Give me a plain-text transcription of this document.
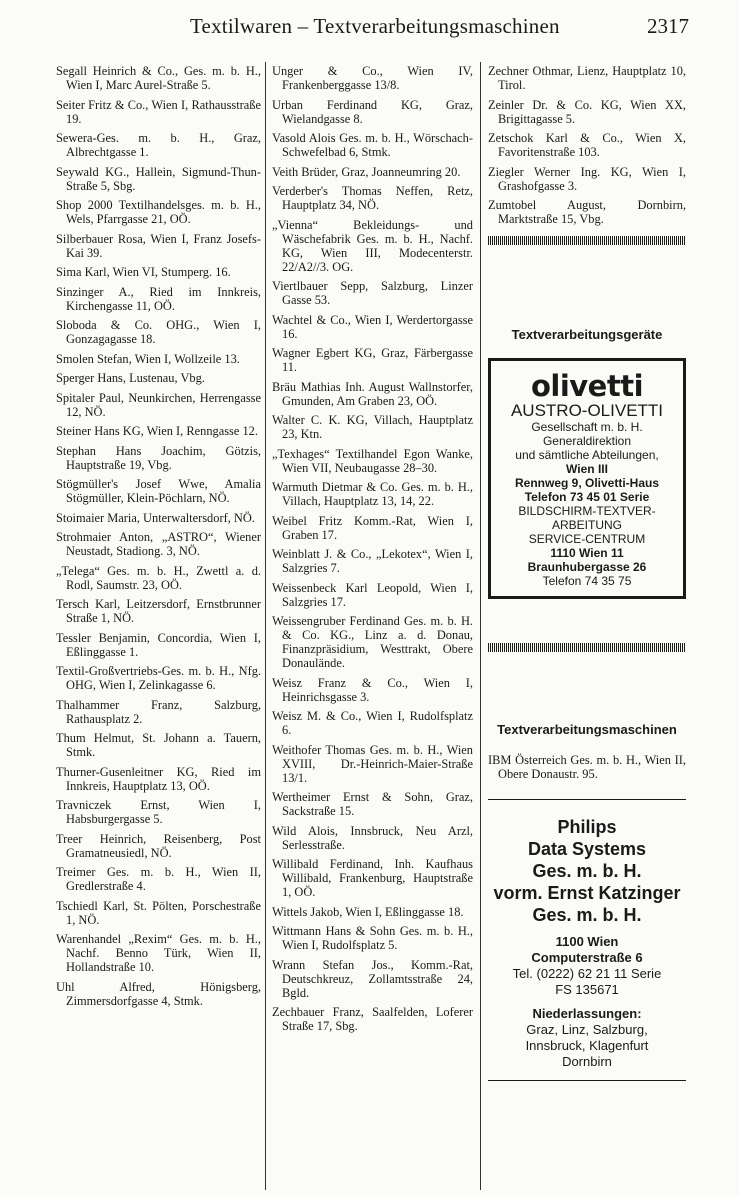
Textilwaren – Textverarbeitungsmaschinen	2317
Segall Heinrich & Co., Ges. m. b. H., Wien I, Marc Aurel-Straße 5.
Seiter Fritz & Co., Wien I, Rathausstraße 19.
Sewera-Ges. m. b. H., Graz, Albrechtgasse 1.
Seywald KG., Hallein, Sigmund-Thun-Straße 5, Sbg.
Shop 2000 Textilhandelsges. m. b. H., Wels, Pfarrgasse 21, OÖ.
Silberbauer Rosa, Wien I, Franz Josefs-Kai 39.
Sima Karl, Wien VI, Stumperg. 16.
Sinzinger A., Ried im Innkreis, Kirchengasse 11, OÖ.
Sloboda & Co. OHG., Wien I, Gonzagagasse 18.
Smolen Stefan, Wien I, Wollzeile 13.
Sperger Hans, Lustenau, Vbg.
Spitaler Paul, Neunkirchen, Herrengasse 12, NÖ.
Steiner Hans KG, Wien I, Renngasse 12.
Stephan Hans Joachim, Götzis, Hauptstraße 19, Vbg.
Stögmüller's Josef Wwe, Amalia Stögmüller, Klein-Pöchlarn, NÖ.
Stoimaier Maria, Unterwaltersdorf, NÖ.
Strohmaier Anton, „ASTRO“, Wiener Neustadt, Stadiong. 3, NÖ.
„Telega“ Ges. m. b. H., Zwettl a. d. Rodl, Saumstr. 23, OÖ.
Tersch Karl, Leitzersdorf, Ernstbrunner Straße 1, NÖ.
Tessler Benjamin, Concordia, Wien I, Eßlinggasse 1.
Textil-Großvertriebs-Ges. m. b. H., Nfg. OHG, Wien I, Zelinkagasse 6.
Thalhammer Franz, Salzburg, Rathausplatz 2.
Thum Helmut, St. Johann a. Tauern, Stmk.
Thurner-Gusenleitner KG, Ried im Innkreis, Hauptplatz 13, OÖ.
Travniczek Ernst, Wien I, Habsburgergasse 5.
Treer Heinrich, Reisenberg, Post Gramatneusiedl, NÖ.
Treimer Ges. m. b. H., Wien II, Gredlerstraße 4.
Tschiedl Karl, St. Pölten, Porschestraße 1, NÖ.
Warenhandel „Rexim“ Ges. m. b. H., Nachf. Benno Türk, Wien II, Hollandstraße 10.
Uhl Alfred, Hönigsberg, Zimmersdorfgasse 4, Stmk.
Unger & Co., Wien IV, Frankenberggasse 13/8.
Urban Ferdinand KG, Graz, Wielandgasse 8.
Vasold Alois Ges. m. b. H., Wörschach-Schwefelbad 6, Stmk.
Veith Brüder, Graz, Joanneumring 20.
Verderber's Thomas Neffen, Retz, Hauptplatz 34, NÖ.
„Vienna“ Bekleidungs- und Wäschefabrik Ges. m. b. H., Nachf. KG, Wien III, Modecenterstr. 22/A2//3. OG.
Viertlbauer Sepp, Salzburg, Linzer Gasse 53.
Wachtel & Co., Wien I, Werdertorgasse 16.
Wagner Egbert KG, Graz, Färbergasse 11.
Bräu Mathias Inh. August Wallnstorfer, Gmunden, Am Graben 23, OÖ.
Walter C. K. KG, Villach, Hauptplatz 23, Ktn.
„Texhages“ Textilhandel Egon Wanke, Wien VII, Neubaugasse 28–30.
Warmuth Dietmar & Co. Ges. m. b. H., Villach, Hauptplatz 13, 14, 22.
Weibel Fritz Komm.-Rat, Wien I, Graben 17.
Weinblatt J. & Co., „Lekotex“, Wien I, Salzgries 7.
Weissenbeck Karl Leopold, Wien I, Salzgries 17.
Weissengruber Ferdinand Ges. m. b. H. & Co. KG., Linz a. d. Donau, Finanzpräsidium, Westtrakt, Obere Donaulände.
Weisz Franz & Co., Wien I, Heinrichsgasse 3.
Weisz M. & Co., Wien I, Rudolfsplatz 6.
Weithofer Thomas Ges. m. b. H., Wien XVIII, Dr.-Heinrich-Maier-Straße 13/1.
Wertheimer Ernst & Sohn, Graz, Sackstraße 15.
Wild Alois, Innsbruck, Neu Arzl, Serlesstraße.
Willibald Ferdinand, Inh. Kaufhaus Willibald, Frankenburg, Hauptstraße 1, OÖ.
Wittels Jakob, Wien I, Eßlinggasse 18.
Wittmann Hans & Sohn Ges. m. b. H., Wien I, Rudolfsplatz 5.
Wrann Stefan Jos., Komm.-Rat, Deutschkreuz, Zollamtsstraße 24, Bgld.
Zechbauer Franz, Saalfelden, Loferer Straße 17, Sbg.
Zechner Othmar, Lienz, Hauptplatz 10, Tirol.
Zeinler Dr. & Co. KG, Wien XX, Brigittagasse 5.
Zetschok Karl & Co., Wien X, Favoritenstraße 103.
Ziegler Werner Ing. KG, Wien I, Grashofgasse 3.
Zumtobel August, Dornbirn, Marktstraße 15, Vbg.
Textverarbeitungsgeräte
olivetti
AUSTRO-OLIVETTI
Gesellschaft m. b. H.
Generaldirektion
und sämtliche Abteilungen,
Wien III
Rennweg 9, Olivetti-Haus
Telefon 73 45 01 Serie
BILDSCHIRM-TEXTVER-
ARBEITUNG
SERVICE-CENTRUM
1110 Wien 11
Braunhubergasse 26
Telefon 74 35 75
Textverarbeitungsmaschinen
IBM Österreich Ges. m. b. H., Wien II, Obere Donaustr. 95.
Philips
Data Systems
Ges. m. b. H.
vorm. Ernst Katzinger
Ges. m. b. H.
1100 Wien
Computerstraße 6
Tel. (0222) 62 21 11 Serie
FS 135671
Niederlassungen:
Graz, Linz, Salzburg,
Innsbruck, Klagenfurt
Dornbirn
